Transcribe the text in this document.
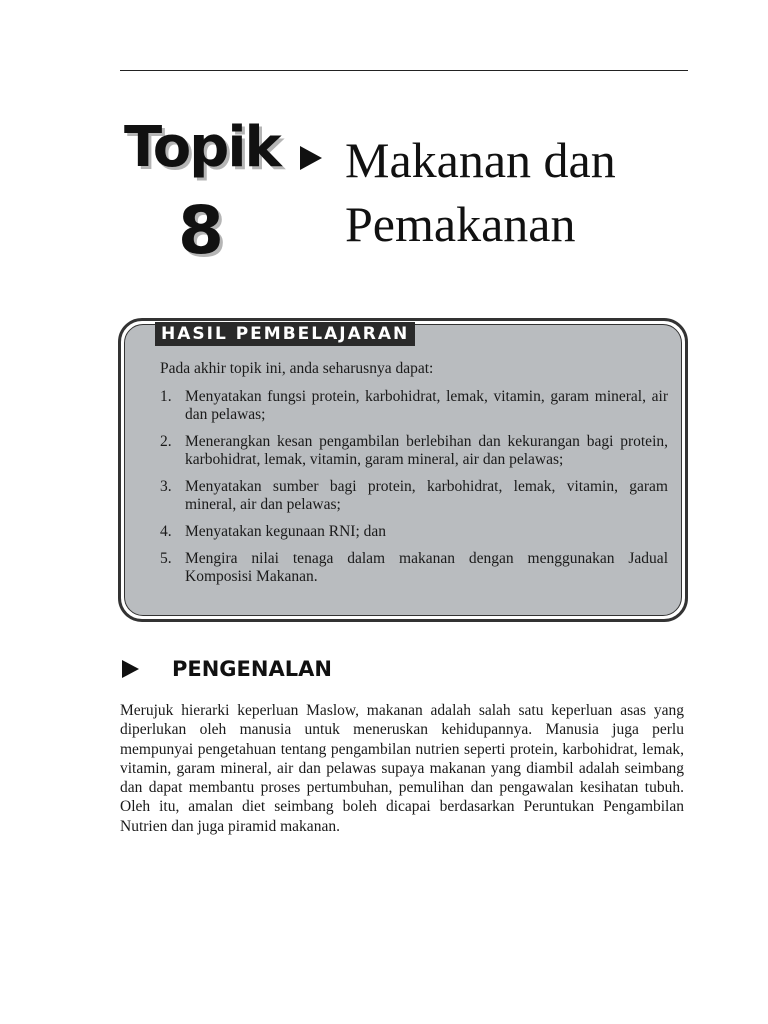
Topik
8
Makanan dan
Pemakanan
HASIL PEMBELAJARAN
Pada akhir topik ini, anda seharusnya dapat:
1. Menyatakan fungsi protein, karbohidrat, lemak, vitamin, garam mineral, air dan pelawas;
2. Menerangkan kesan pengambilan berlebihan dan kekurangan bagi protein, karbohidrat, lemak, vitamin, garam mineral, air dan pelawas;
3. Menyatakan sumber bagi protein, karbohidrat, lemak, vitamin, garam mineral, air dan pelawas;
4. Menyatakan kegunaan RNI; dan
5. Mengira nilai tenaga dalam makanan dengan menggunakan Jadual Komposisi Makanan.
PENGENALAN

Merujuk hierarki keperluan Maslow, makanan adalah salah satu keperluan asas yang diperlukan oleh manusia untuk meneruskan kehidupannya. Manusia juga perlu mempunyai pengetahuan tentang pengambilan nutrien seperti protein, karbohidrat, lemak, vitamin, garam mineral, air dan pelawas supaya makanan yang diambil adalah seimbang dan dapat membantu proses pertumbuhan, pemulihan dan pengawalan kesihatan tubuh. Oleh itu, amalan diet seimbang boleh dicapai berdasarkan Peruntukan Pengambilan Nutrien dan juga piramid makanan.
